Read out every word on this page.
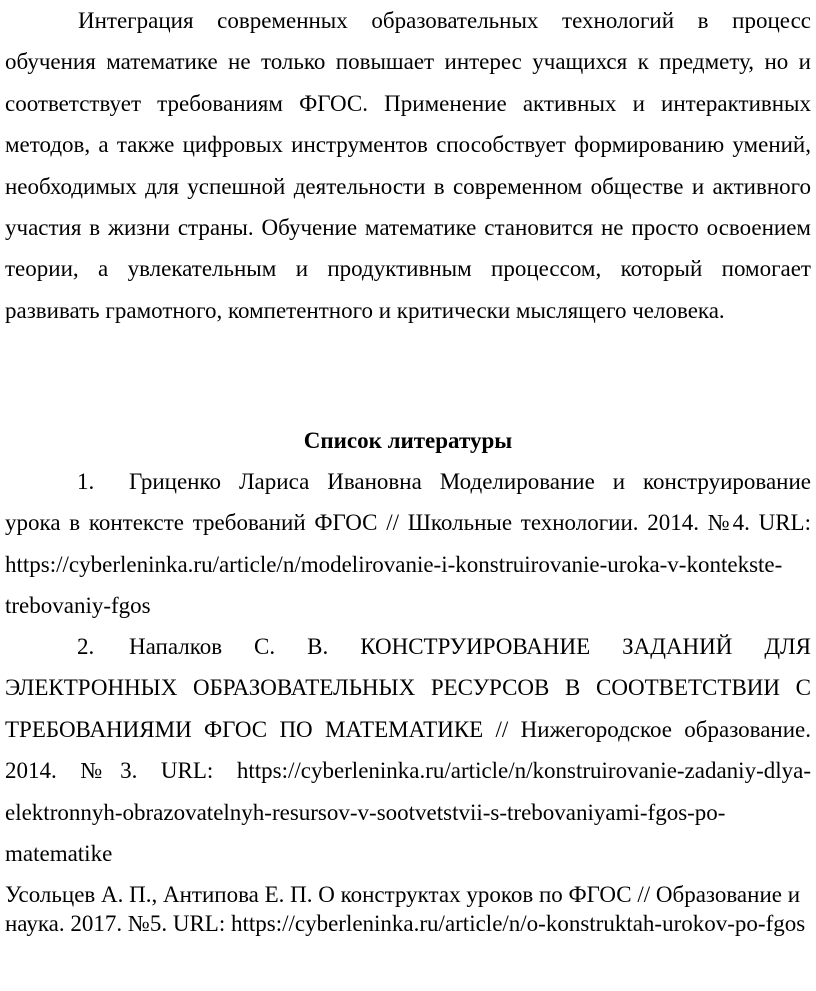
Интеграция современных образовательных технологий в процесс обучения математике не только повышает интерес учащихся к предмету, но и соответствует требованиям ФГОС. Применение активных и интерактивных методов, а также цифровых инструментов способствует формированию умений, необходимых для успешной деятельности в современном обществе и активного участия в жизни страны. Обучение математике становится не просто освоением теории, а увлекательным и продуктивным процессом, который помогает развивать грамотного, компетентного и критически мыслящего человека.

Список литературы

1. Гриценко Лариса Ивановна Моделирование и конструирование урока в контексте требований ФГОС // Школьные технологии. 2014. №4. URL: https://cyberleninka.ru/article/n/modelirovanie-i-konstruirovanie-uroka-v-kontekste-trebovaniy-fgos

2. Напалков С. В. КОНСТРУИРОВАНИЕ ЗАДАНИЙ ДЛЯ ЭЛЕКТРОННЫХ ОБРАЗОВАТЕЛЬНЫХ РЕСУРСОВ В СООТВЕТСТВИИ С ТРЕБОВАНИЯМИ ФГОС ПО МАТЕМАТИКЕ // Нижегородское образование. 2014. №3. URL: https://cyberleninka.ru/article/n/konstruirovanie-zadaniy-dlya-elektronnyh-obrazovatelnyh-resursov-v-sootvetstvii-s-trebovaniyami-fgos-po-matematike

Усольцев А. П., Антипова Е. П. О конструктах уроков по ФГОС // Образование и наука. 2017. №5. URL: https://cyberleninka.ru/article/n/o-konstruktah-urokov-po-fgos
